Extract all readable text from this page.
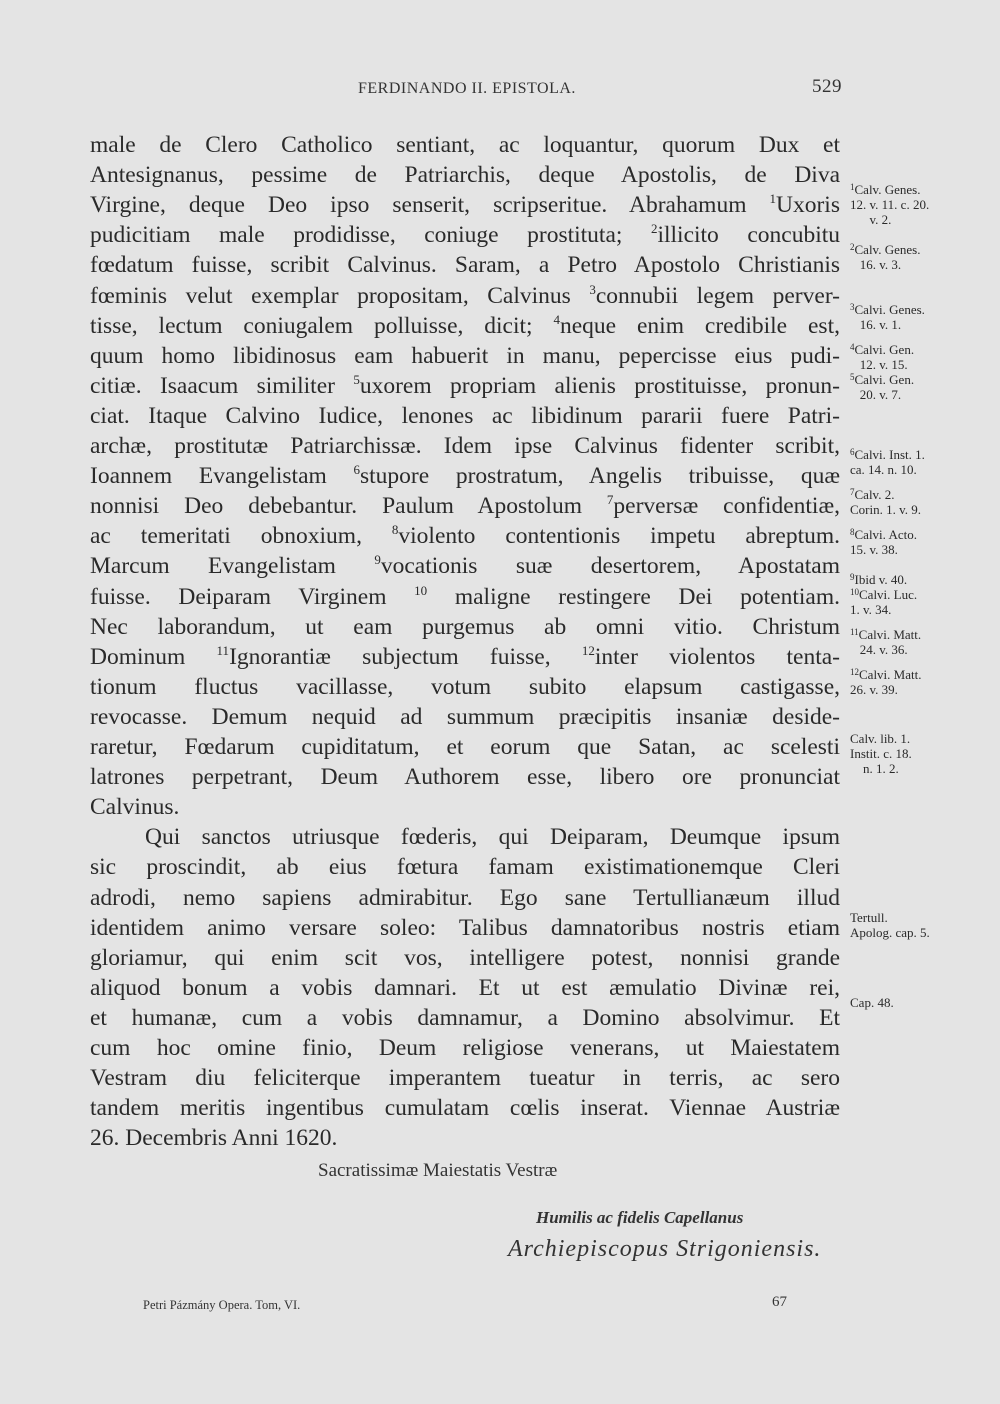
FERDINANDO II. EPISTOLA.	529
male de Clero Catholico sentiant, ac loquantur, quorum Dux et
Antesignanus, pessime de Patriarchis, deque Apostolis, de Diva
Virgine, deque Deo ipso senserit, scripseritue. Abrahamum $^1$Uxoris
pudicitiam male prodidisse, coniuge prostituta; $^2$illicito concubitu
fœdatum fuisse, scribit Calvinus. Saram, a Petro Apostolo Christianis
fœminis velut exemplar propositam, Calvinus $^3$connubii legem perver-
tisse, lectum coniugalem polluisse, dicit; $^4$neque enim credibile est,
quum homo libidinosus eam habuerit in manu, pepercisse eius pudi-
citiæ. Isaacum similiter $^5$uxorem propriam alienis prostituisse, pronun-
ciat. Itaque Calvino Iudice, lenones ac libidinum pararii fuere Patri-
archæ, prostitutæ Patriarchissæ. Idem ipse Calvinus fidenter scribit,
Ioannem Evangelistam $^6$stupore prostratum, Angelis tribuisse, quæ
nonnisi Deo debebantur. Paulum Apostolum $^7$perversæ confidentiæ,
ac temeritati obnoxium, $^8$violento contentionis impetu abreptum.
Marcum Evangelistam $^9$vocationis suæ desertorem, Apostatam
fuisse. Deiparam Virginem $^{10}$ maligne restingere Dei potentiam.
Nec laborandum, ut eam purgemus ab omni vitio. Christum
Dominum $^{11}$Ignorantiæ subjectum fuisse, $^{12}$inter violentos tenta-
tionum fluctus vacillasse, votum subito elapsum castigasse,
revocasse. Demum nequid ad summum præcipitis insaniæ deside-
raretur, Fœdarum cupiditatum, et eorum que Satan, ac scelesti
latrones perpetrant, Deum Authorem esse, libero ore pronunciat
Calvinus.
Qui sanctos utriusque fœderis, qui Deiparam, Deumque ipsum
sic proscindit, ab eius fœtura famam existimationemque Cleri
adrodi, nemo sapiens admirabitur. Ego sane Tertullianæum illud
identidem animo versare soleo: Talibus damnatoribus nostris etiam
gloriamur, qui enim scit vos, intelligere potest, nonnisi grande
aliquod bonum a vobis damnari. Et ut est æmulatio Divinæ rei,
et humanæ, cum a vobis damnamur, a Domino absolvimur. Et
cum hoc omine finio, Deum religiose venerans, ut Maiestatem
Vestram diu feliciterque imperantem tueatur in terris, ac sero
tandem meritis ingentibus cumulatam cœlis inserat. Viennae Austriæ
26. Decembris Anni 1620.
$^1$Calv. Genes.
12. v. 11. c. 20.
v. 2.
$^2$Calv. Genes.
16. v. 3.
$^3$Calvi. Genes.
16. v. 1.
$^4$Calvi. Gen.
12. v. 15.
$^5$Calvi. Gen.
20. v. 7.
$^6$Calvi. Inst. 1.
ca. 14. n. 10.
$^7$Calv. 2.
Corin. 1. v. 9.
$^8$Calvi. Acto.
15. v. 38.
$^9$Ibid v. 40.
$^{10}$Calvi. Luc.
1. v. 34.
$^{11}$Calvi. Matt.
24. v. 36.
$^{12}$Calvi. Matt.
26. v. 39.
Calv. lib. 1.
Instit. c. 18.
n. 1. 2.
Tertull.
Apolog. cap. 5.
Cap. 48.
Sacratissimæ Maiestatis Vestræ
Humilis ac fidelis Capellanus
Archiepiscopus Strigoniensis.
Petri Pázmány Opera. Tom, VI.	67
